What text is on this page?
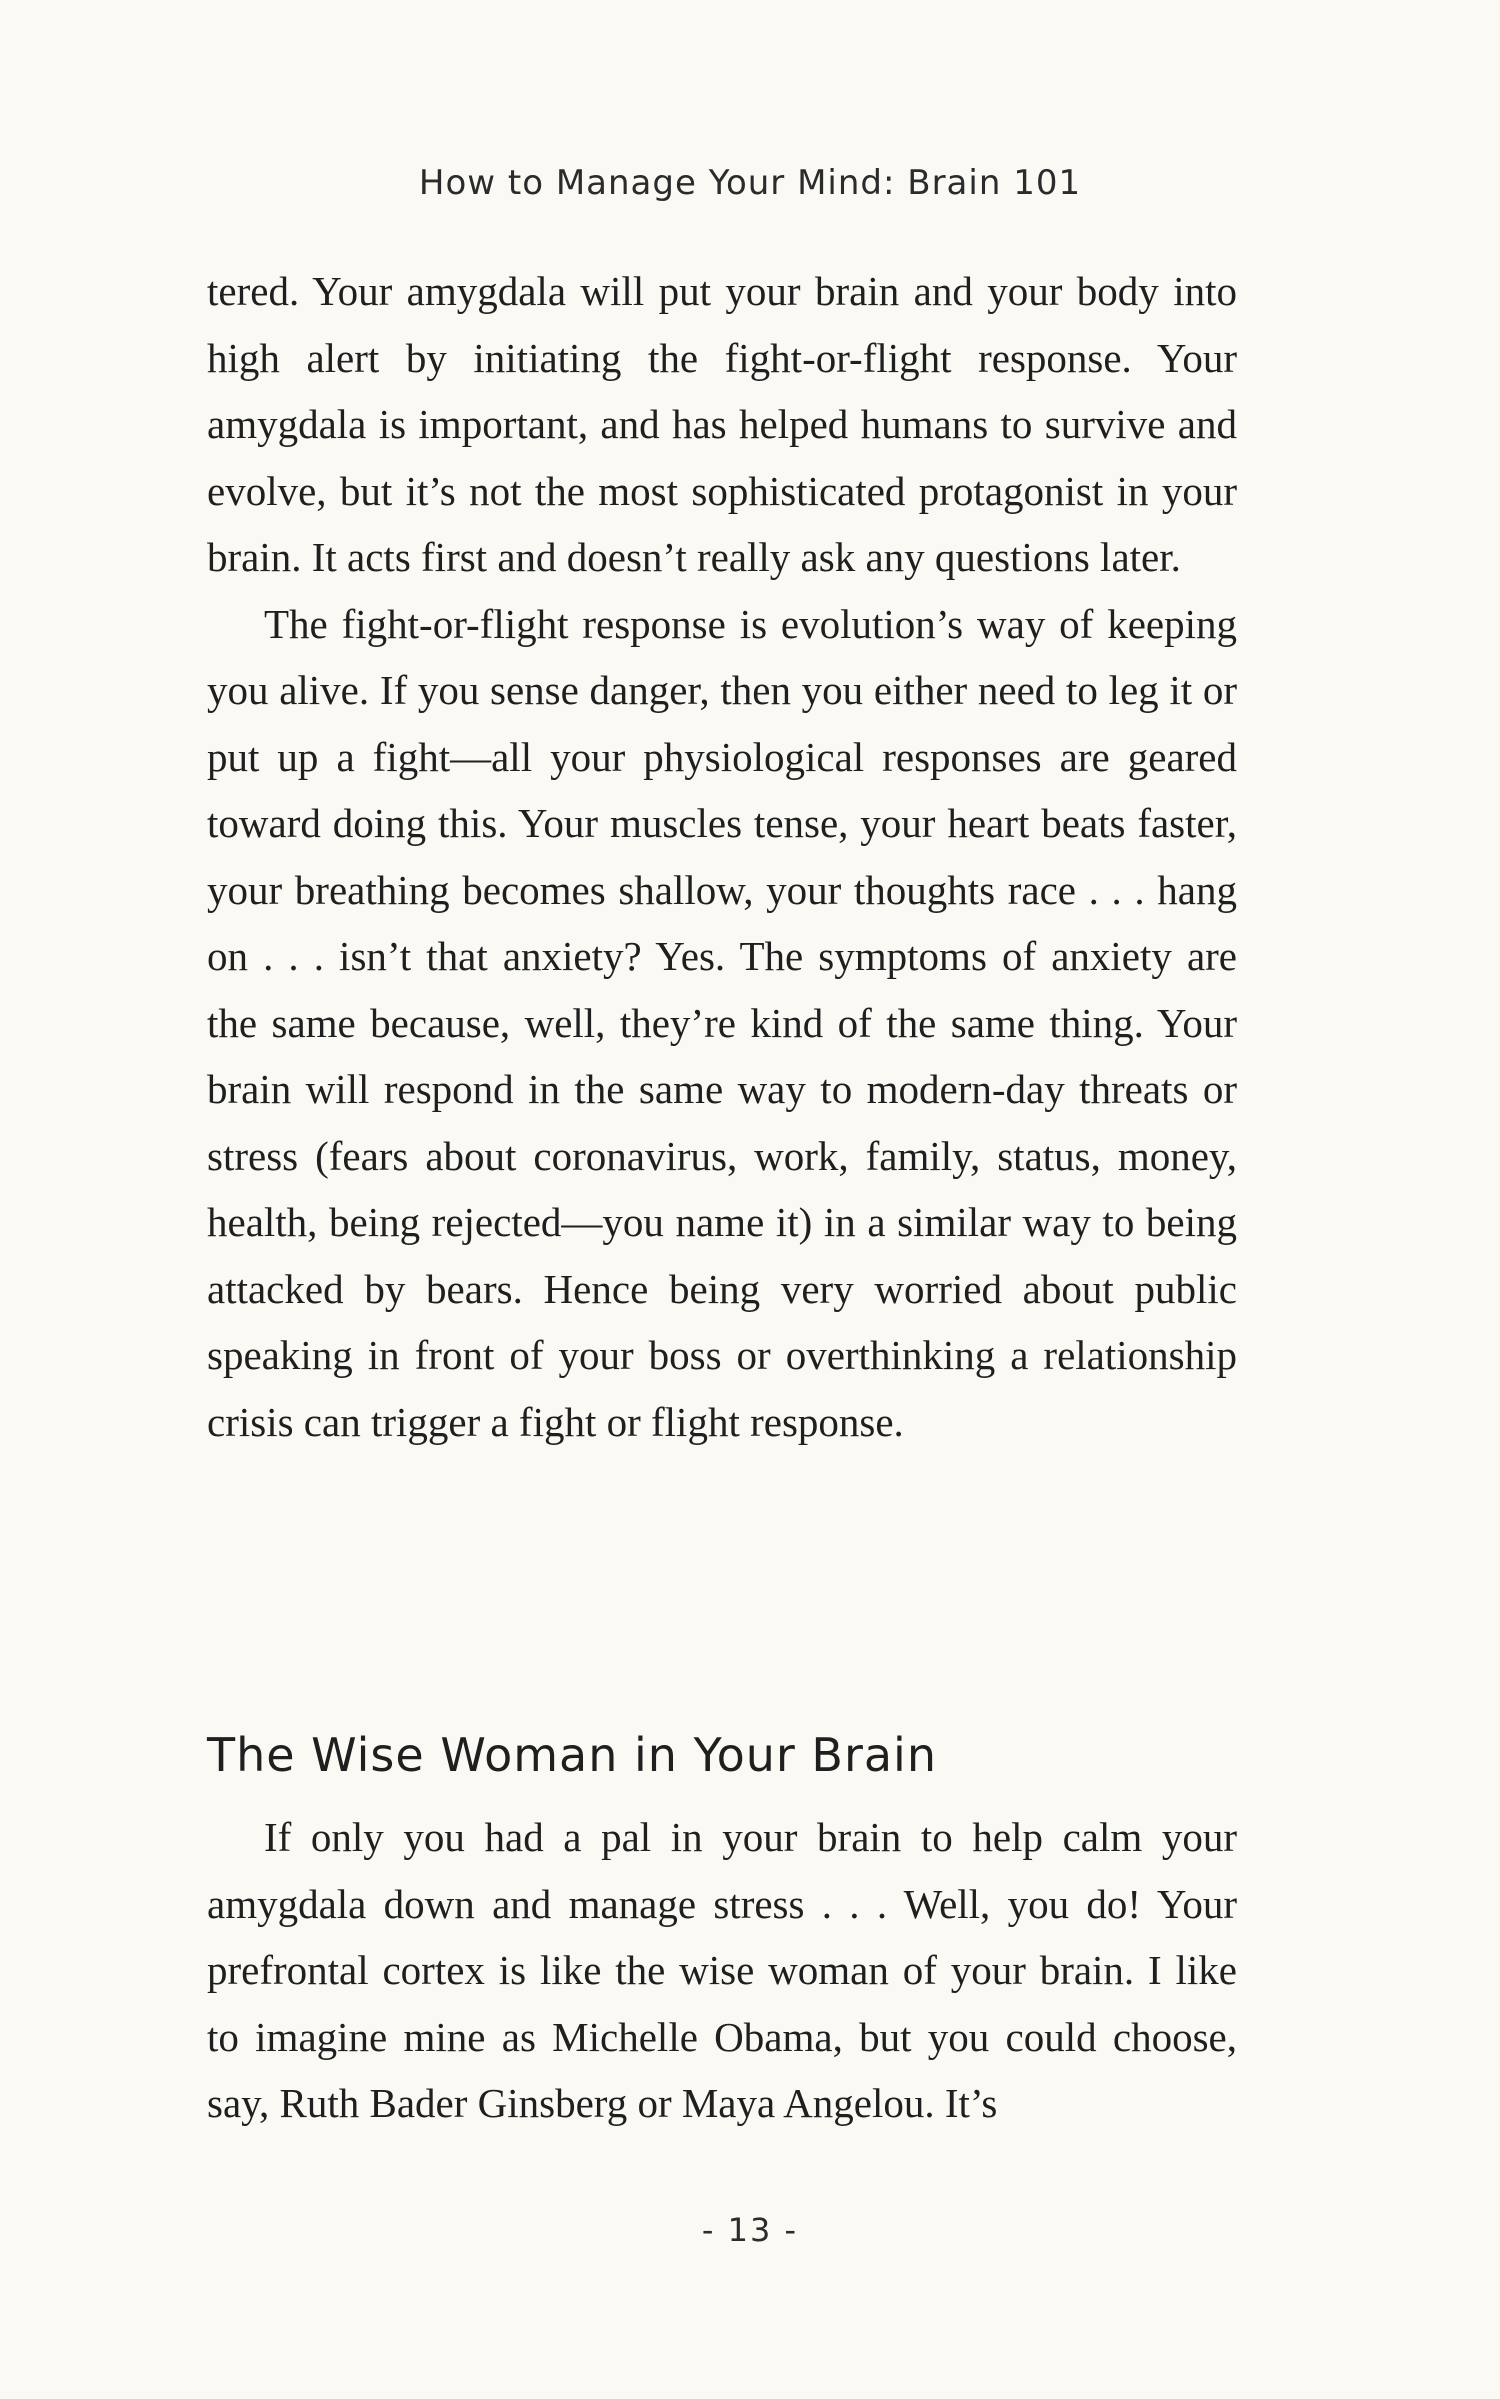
How to Manage Your Mind: Brain 101

tered. Your amygdala will put your brain and your body into high alert by initiating the fight-or-flight response. Your amygdala is important, and has helped humans to survive and evolve, but it’s not the most sophisticated protagonist in your brain. It acts first and doesn’t really ask any questions later.

The fight-or-flight response is evolution’s way of keeping you alive. If you sense danger, then you either need to leg it or put up a fight—all your physiological responses are geared toward doing this. Your muscles tense, your heart beats faster, your breathing becomes shallow, your thoughts race . . . hang on . . . isn’t that anxiety? Yes. The symptoms of anxiety are the same because, well, they’re kind of the same thing. Your brain will respond in the same way to modern-day threats or stress (fears about coronavirus, work, family, status, money, health, being rejected—you name it) in a similar way to being attacked by bears. Hence being very worried about public speaking in front of your boss or overthinking a relationship crisis can trigger a fight or flight response.

The Wise Woman in Your Brain

If only you had a pal in your brain to help calm your amygdala down and manage stress . . . Well, you do! Your prefrontal cortex is like the wise woman of your brain. I like to imagine mine as Michelle Obama, but you could choose, say, Ruth Bader Ginsberg or Maya Angelou. It’s

- 13 -
